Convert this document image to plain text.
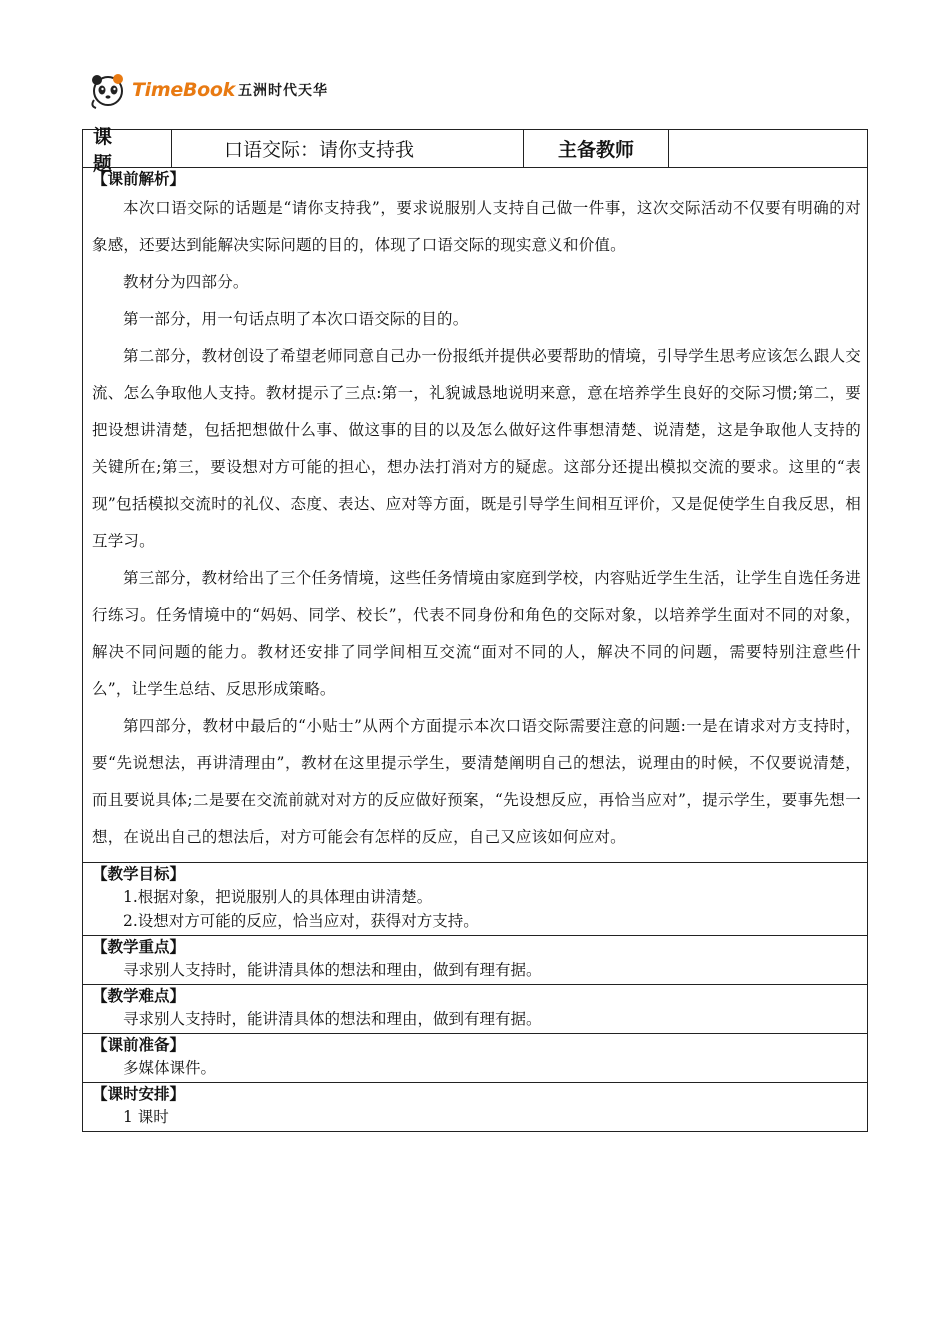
TimeBook 五洲时代天华
课 题
口语交际：请你支持我	主备教师
【课前解析】

本次口语交际的话题是“请你支持我”，要求说服别人支持自己做一件事，这次交际活动不仅要有明确的对象感，还要达到能解决实际问题的目的，体现了口语交际的现实意义和价值。

教材分为四部分。

第一部分，用一句话点明了本次口语交际的目的。

第二部分，教材创设了希望老师同意自己办一份报纸并提供必要帮助的情境，引导学生思考应该怎么跟人交流、怎么争取他人支持。教材提示了三点:第一，礼貌诚恳地说明来意，意在培养学生良好的交际习惯;第二，要把设想讲清楚，包括把想做什么事、做这事的目的以及怎么做好这件事想清楚、说清楚，这是争取他人支持的关键所在;第三，要设想对方可能的担心，想办法打消对方的疑虑。这部分还提出模拟交流的要求。这里的“表现”包括模拟交流时的礼仪、态度、表达、应对等方面，既是引导学生间相互评价，又是促使学生自我反思，相互学习。

第三部分，教材给出了三个任务情境，这些任务情境由家庭到学校，内容贴近学生生活，让学生自选任务进行练习。任务情境中的“妈妈、同学、校长”，代表不同身份和角色的交际对象，以培养学生面对不同的对象，解决不同问题的能力。教材还安排了同学间相互交流“面对不同的人，解决不同的问题，需要特别注意些什么”，让学生总结、反思形成策略。

第四部分，教材中最后的“小贴士”从两个方面提示本次口语交际需要注意的问题:一是在请求对方支持时，要“先说想法，再讲清理由”，教材在这里提示学生，要清楚阐明自己的想法，说理由的时候，不仅要说清楚，而且要说具体;二是要在交流前就对对方的反应做好预案，“先设想反应，再恰当应对”，提示学生，要事先想一想，在说出自己的想法后，对方可能会有怎样的反应，自己又应该如何应对。

【教学目标】
1.根据对象，把说服别人的具体理由讲清楚。
2.设想对方可能的反应，恰当应对，获得对方支持。
【教学重点】
寻求别人支持时，能讲清具体的想法和理由，做到有理有据。
【教学难点】
寻求别人支持时，能讲清具体的想法和理由，做到有理有据。
【课前准备】
多媒体课件。
【课时安排】
1 课时
